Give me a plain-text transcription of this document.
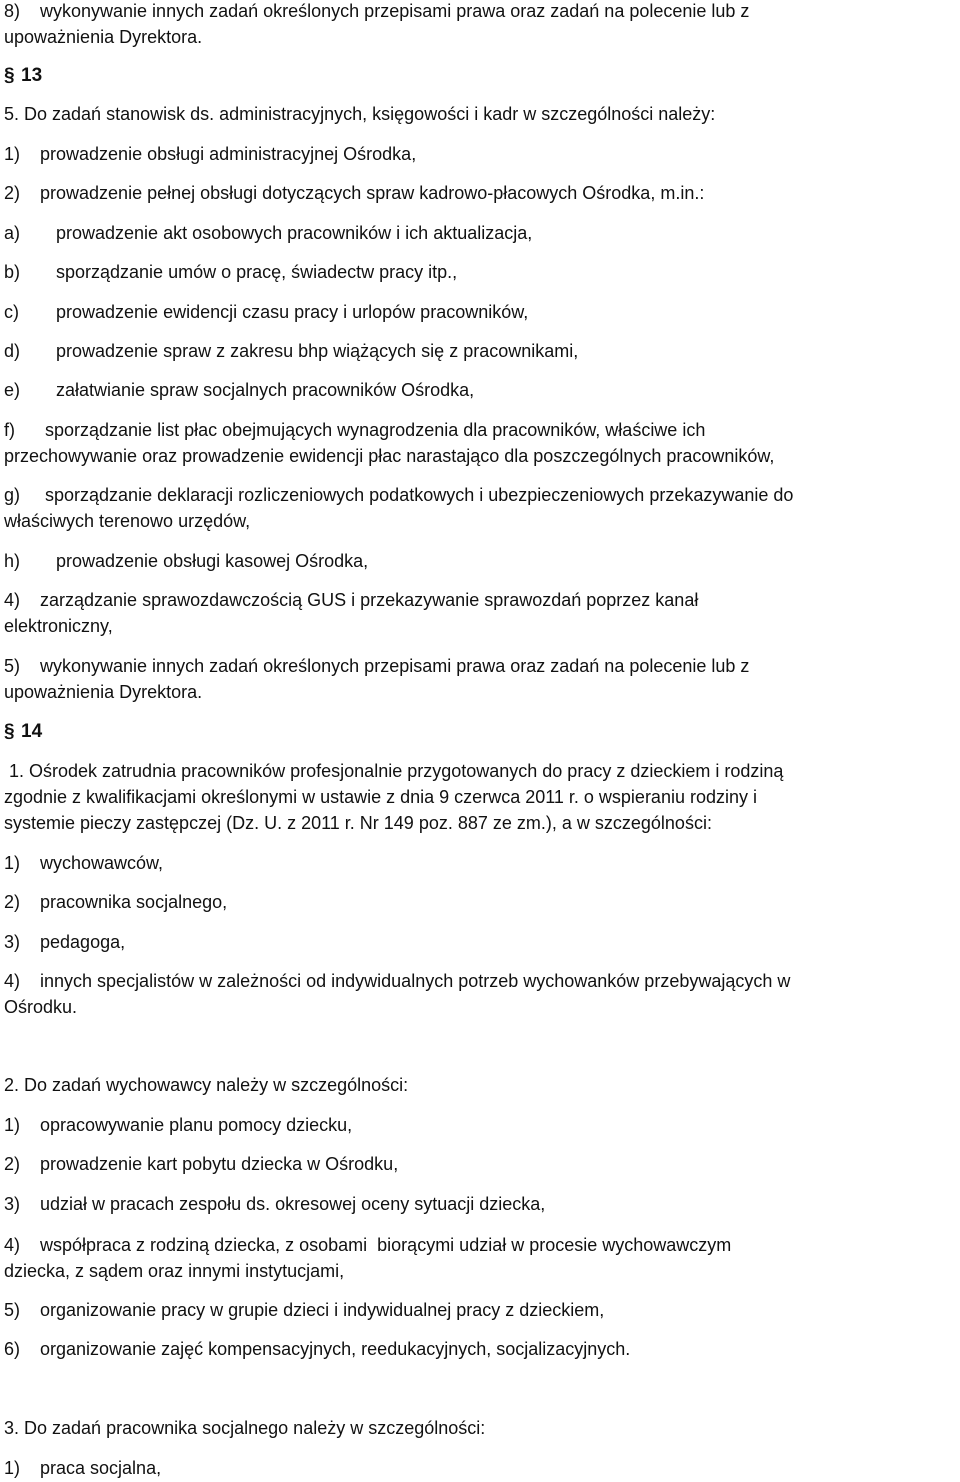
8)    wykonywanie innych zadań określonych przepisami prawa oraz zadań na polecenie lub z

upoważnienia Dyrektora.

§ 13

5. Do zadań stanowisk ds. administracyjnych, księgowości i kadr w szczególności należy:

1)    prowadzenie obsługi administracyjnej Ośrodka,

2)    prowadzenie pełnej obsługi dotyczących spraw kadrowo-płacowych Ośrodka, m.in.:

a) prowadzenie akt osobowych pracowników i ich aktualizacja,

b) sporządzanie umów o pracę, świadectw pracy itp.,

c) prowadzenie ewidencji czasu pracy i urlopów pracowników,

d) prowadzenie spraw z zakresu bhp wiążących się z pracownikami,

e) załatwianie spraw socjalnych pracowników Ośrodka,

f)      sporządzanie list płac obejmujących wynagrodzenia dla pracowników, właściwe ich

przechowywanie oraz prowadzenie ewidencji płac narastająco dla poszczególnych pracowników,

g)     sporządzanie deklaracji rozliczeniowych podatkowych i ubezpieczeniowych przekazywanie do

właściwych terenowo urzędów,

h) prowadzenie obsługi kasowej Ośrodka,

4)    zarządzanie sprawozdawczością GUS i przekazywanie sprawozdań poprzez kanał

elektroniczny,

5)    wykonywanie innych zadań określonych przepisami prawa oraz zadań na polecenie lub z

upoważnienia Dyrektora.

§ 14

1. Ośrodek zatrudnia pracowników profesjonalnie przygotowanych do pracy z dzieckiem i rodziną

zgodnie z kwalifikacjami określonymi w ustawie z dnia 9 czerwca 2011 r. o wspieraniu rodziny i

systemie pieczy zastępczej (Dz. U. z 2011 r. Nr 149 poz. 887 ze zm.), a w szczególności:

1)    wychowawców,

2)    pracownika socjalnego,

3)    pedagoga,

4)    innych specjalistów w zależności od indywidualnych potrzeb wychowanków przebywających w

Ośrodku.

2. Do zadań wychowawcy należy w szczególności:

1)    opracowywanie planu pomocy dziecku,

2)    prowadzenie kart pobytu dziecka w Ośrodku,

3)    udział w pracach zespołu ds. okresowej oceny sytuacji dziecka,

4)    współpraca z rodziną dziecka, z osobami  biorącymi udział w procesie wychowawczym

dziecka, z sądem oraz innymi instytucjami,

5)    organizowanie pracy w grupie dzieci i indywidualnej pracy z dzieckiem,

6)    organizowanie zajęć kompensacyjnych, reedukacyjnych, socjalizacyjnych.

3. Do zadań pracownika socjalnego należy w szczególności:

1)    praca socjalna,
